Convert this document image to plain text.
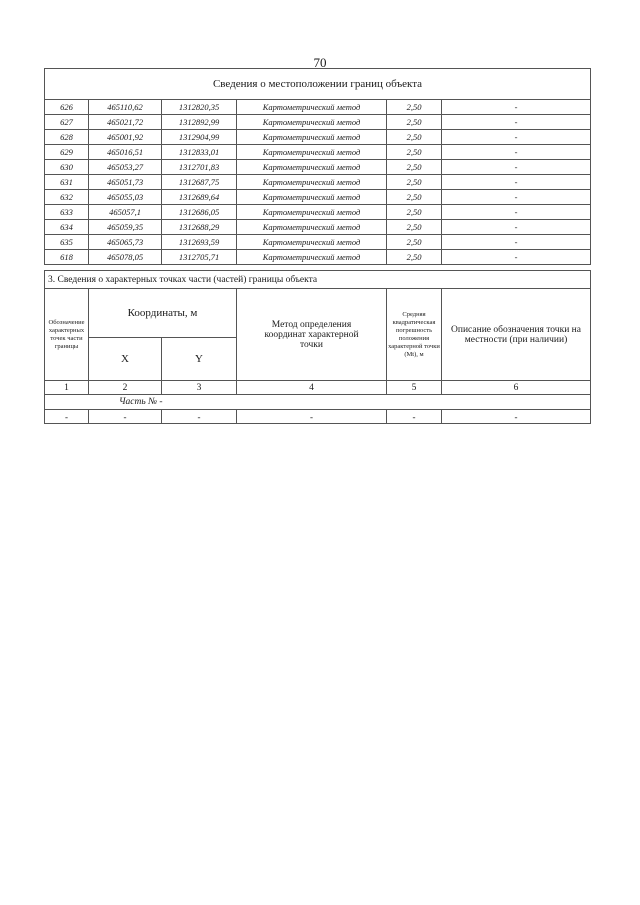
70
Сведения о местоположении границ объекта					
626	465110,62	1312820,35	Картометрический метод	2,50	-
627	465021,72	1312892,99	Картометрический метод	2,50	-
628	465001,92	1312904,99	Картометрический метод	2,50	-
629	465016,51	1312833,01	Картометрический метод	2,50	-
630	465053,27	1312701,83	Картометрический метод	2,50	-
631	465051,73	1312687,75	Картометрический метод	2,50	-
632	465055,03	1312689,64	Картометрический метод	2,50	-
633	465057,1	1312686,05	Картометрический метод	2,50	-
634	465059,35	1312688,29	Картометрический метод	2,50	-
635	465065,73	1312693,59	Картометрический метод	2,50	-
618	465078,05	1312705,71	Картометрический метод	2,50	-
3. Сведения о характерных точках части (частей) границы объекта					
Обозначение характерных точек части границы	Координаты, м		Метод определения координат характерной точки	Средняя квадратическая погрешность положения характерной точки (Mt), м	Описание обозначения точки на местности (при наличии)
	X	Y			
1	2	3	4	5	6
Часть № -					
-	-	-	-	-	-
